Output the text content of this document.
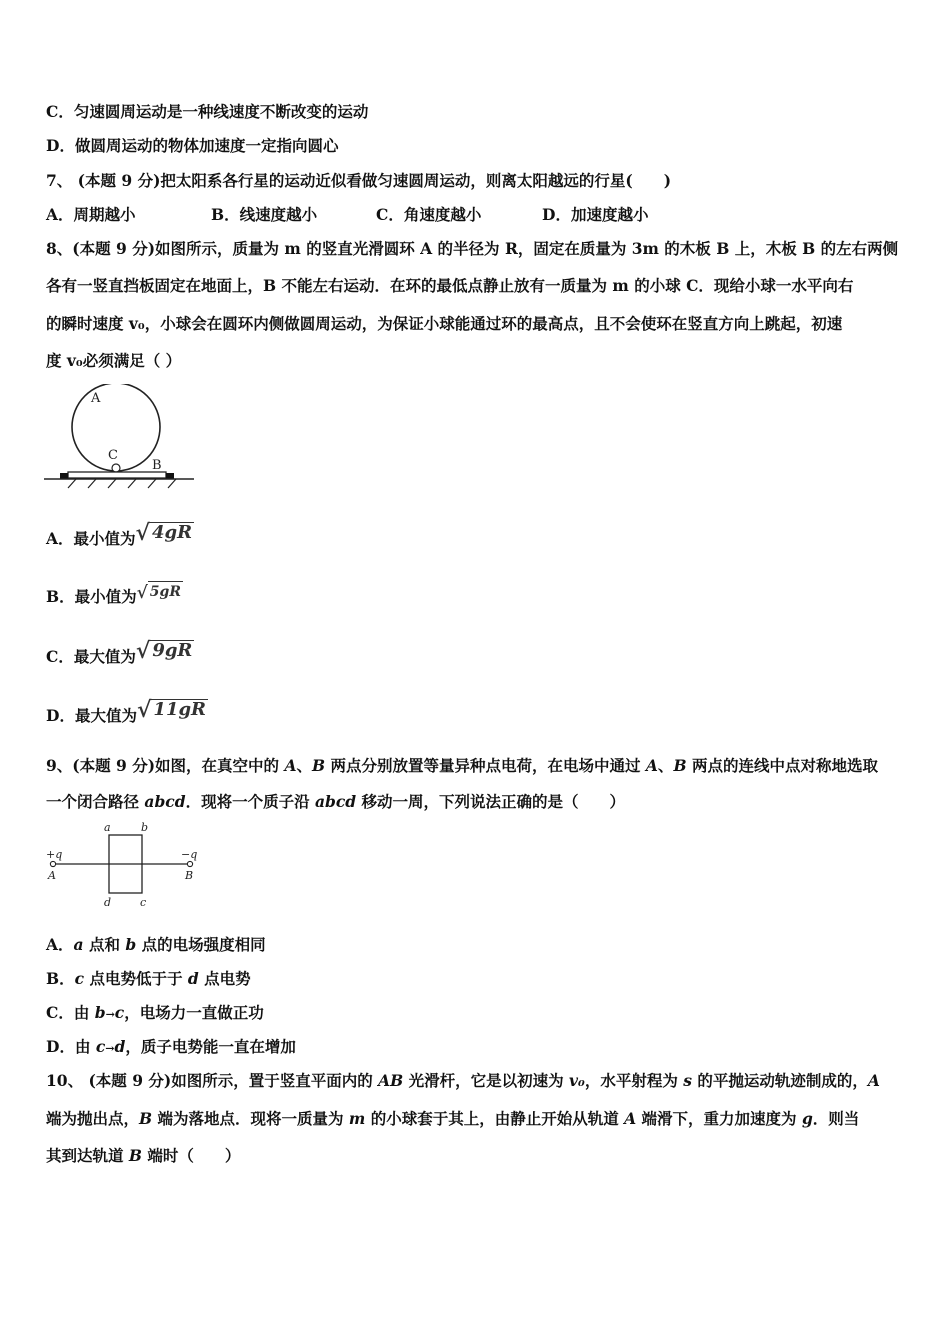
C．匀速圆周运动是一种线速度不断改变的运动
D．做圆周运动的物体加速度一定指向圆心
7、 (本题 9 分)把太阳系各行星的运动近似看做匀速圆周运动，则离太阳越远的行星(　　)
A．周期越小	B．线速度越小	C．角速度越小	D．加速度越小
8、(本题 9 分)如图所示，质量为 m 的竖直光滑圆环 A 的半径为 R，固定在质量为 3m 的木板 B 上，木板 B 的左右两侧
各有一竖直挡板固定在地面上，B 不能左右运动．在环的最低点静止放有一质量为 m 的小球 C．现给小球一水平向右
的瞬时速度 v₀，小球会在圆环内侧做圆周运动，为保证小球能通过环的最高点，且不会使环在竖直方向上跳起，初速
度 v₀必须满足（ ）
A
C
B
A．最小值为√ 4gR
B．最小值为√ 5gR
C．最大值为√ 9gR
D．最大值为√ 11gR
9、(本题 9 分)如图，在真空中的 A、B 两点分别放置等量异种点电荷，在电场中通过 A、B 两点的连线中点对称地选取
一个闭合路径 abcd．现将一个质子沿 abcd 移动一周，下列说法正确的是（　　）
+q	−q
A	B
a	b
d	c
A．a 点和 b 点的电场强度相同
B．c 点电势低于于 d 点电势
C．由 b→c，电场力一直做正功
D．由 c→d，质子电势能一直在增加
10、 (本题 9 分)如图所示，置于竖直平面内的 AB 光滑杆，它是以初速为 v₀，水平射程为 s 的平抛运动轨迹制成的，A
端为抛出点，B 端为落地点．现将一质量为 m 的小球套于其上，由静止开始从轨道 A 端滑下，重力加速度为 g．则当
其到达轨道 B 端时（　　）
